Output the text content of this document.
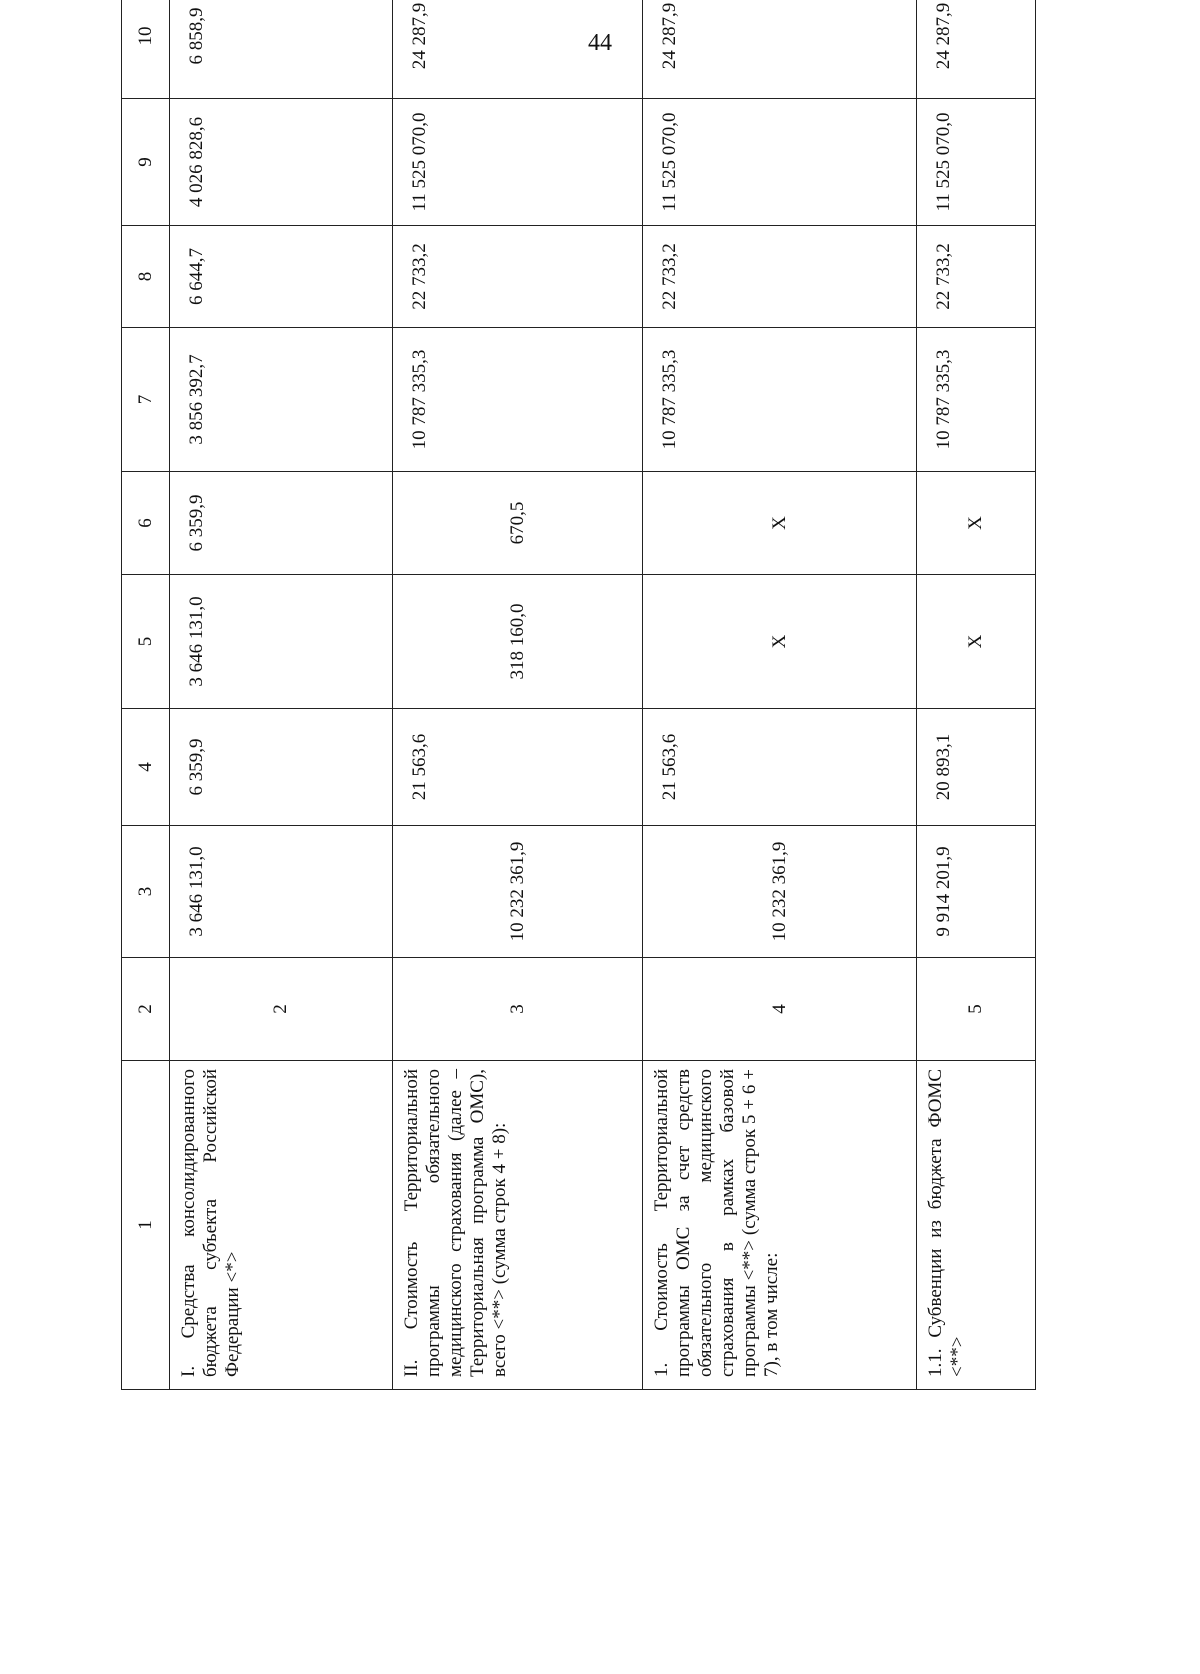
44
1	2	3	4	5	6	7	8	9	10
I. Средства консолидированного бюджета субъекта Российской Федерации <*>	2	3 646 131,0	6 359,9	3 646 131,0	6 359,9	3 856 392,7	6 644,7	4 026 828,6	6 858,9
II. Стоимость Территориальной программы обязательного медицинского страхования (далее – Территориальная программа ОМС), всего <**> (сумма строк 4 + 8):	3	10 232 361,9	21 563,6	318 160,0	670,5	10 787 335,3	22 733,2	11 525 070,0	24 287,9
1. Стоимость Территориальной программы ОМС за счет средств обязательного медицинского страхования в рамках базовой программы <**> (сумма строк 5 + 6 + 7), в том числе:	4	10 232 361,9	21 563,6	X	X	10 787 335,3	22 733,2	11 525 070,0	24 287,9
1.1. Субвенции из бюджета ФОМС <**>	5	9 914 201,9	20 893,1	X	X	10 787 335,3	22 733,2	11 525 070,0	24 287,9
